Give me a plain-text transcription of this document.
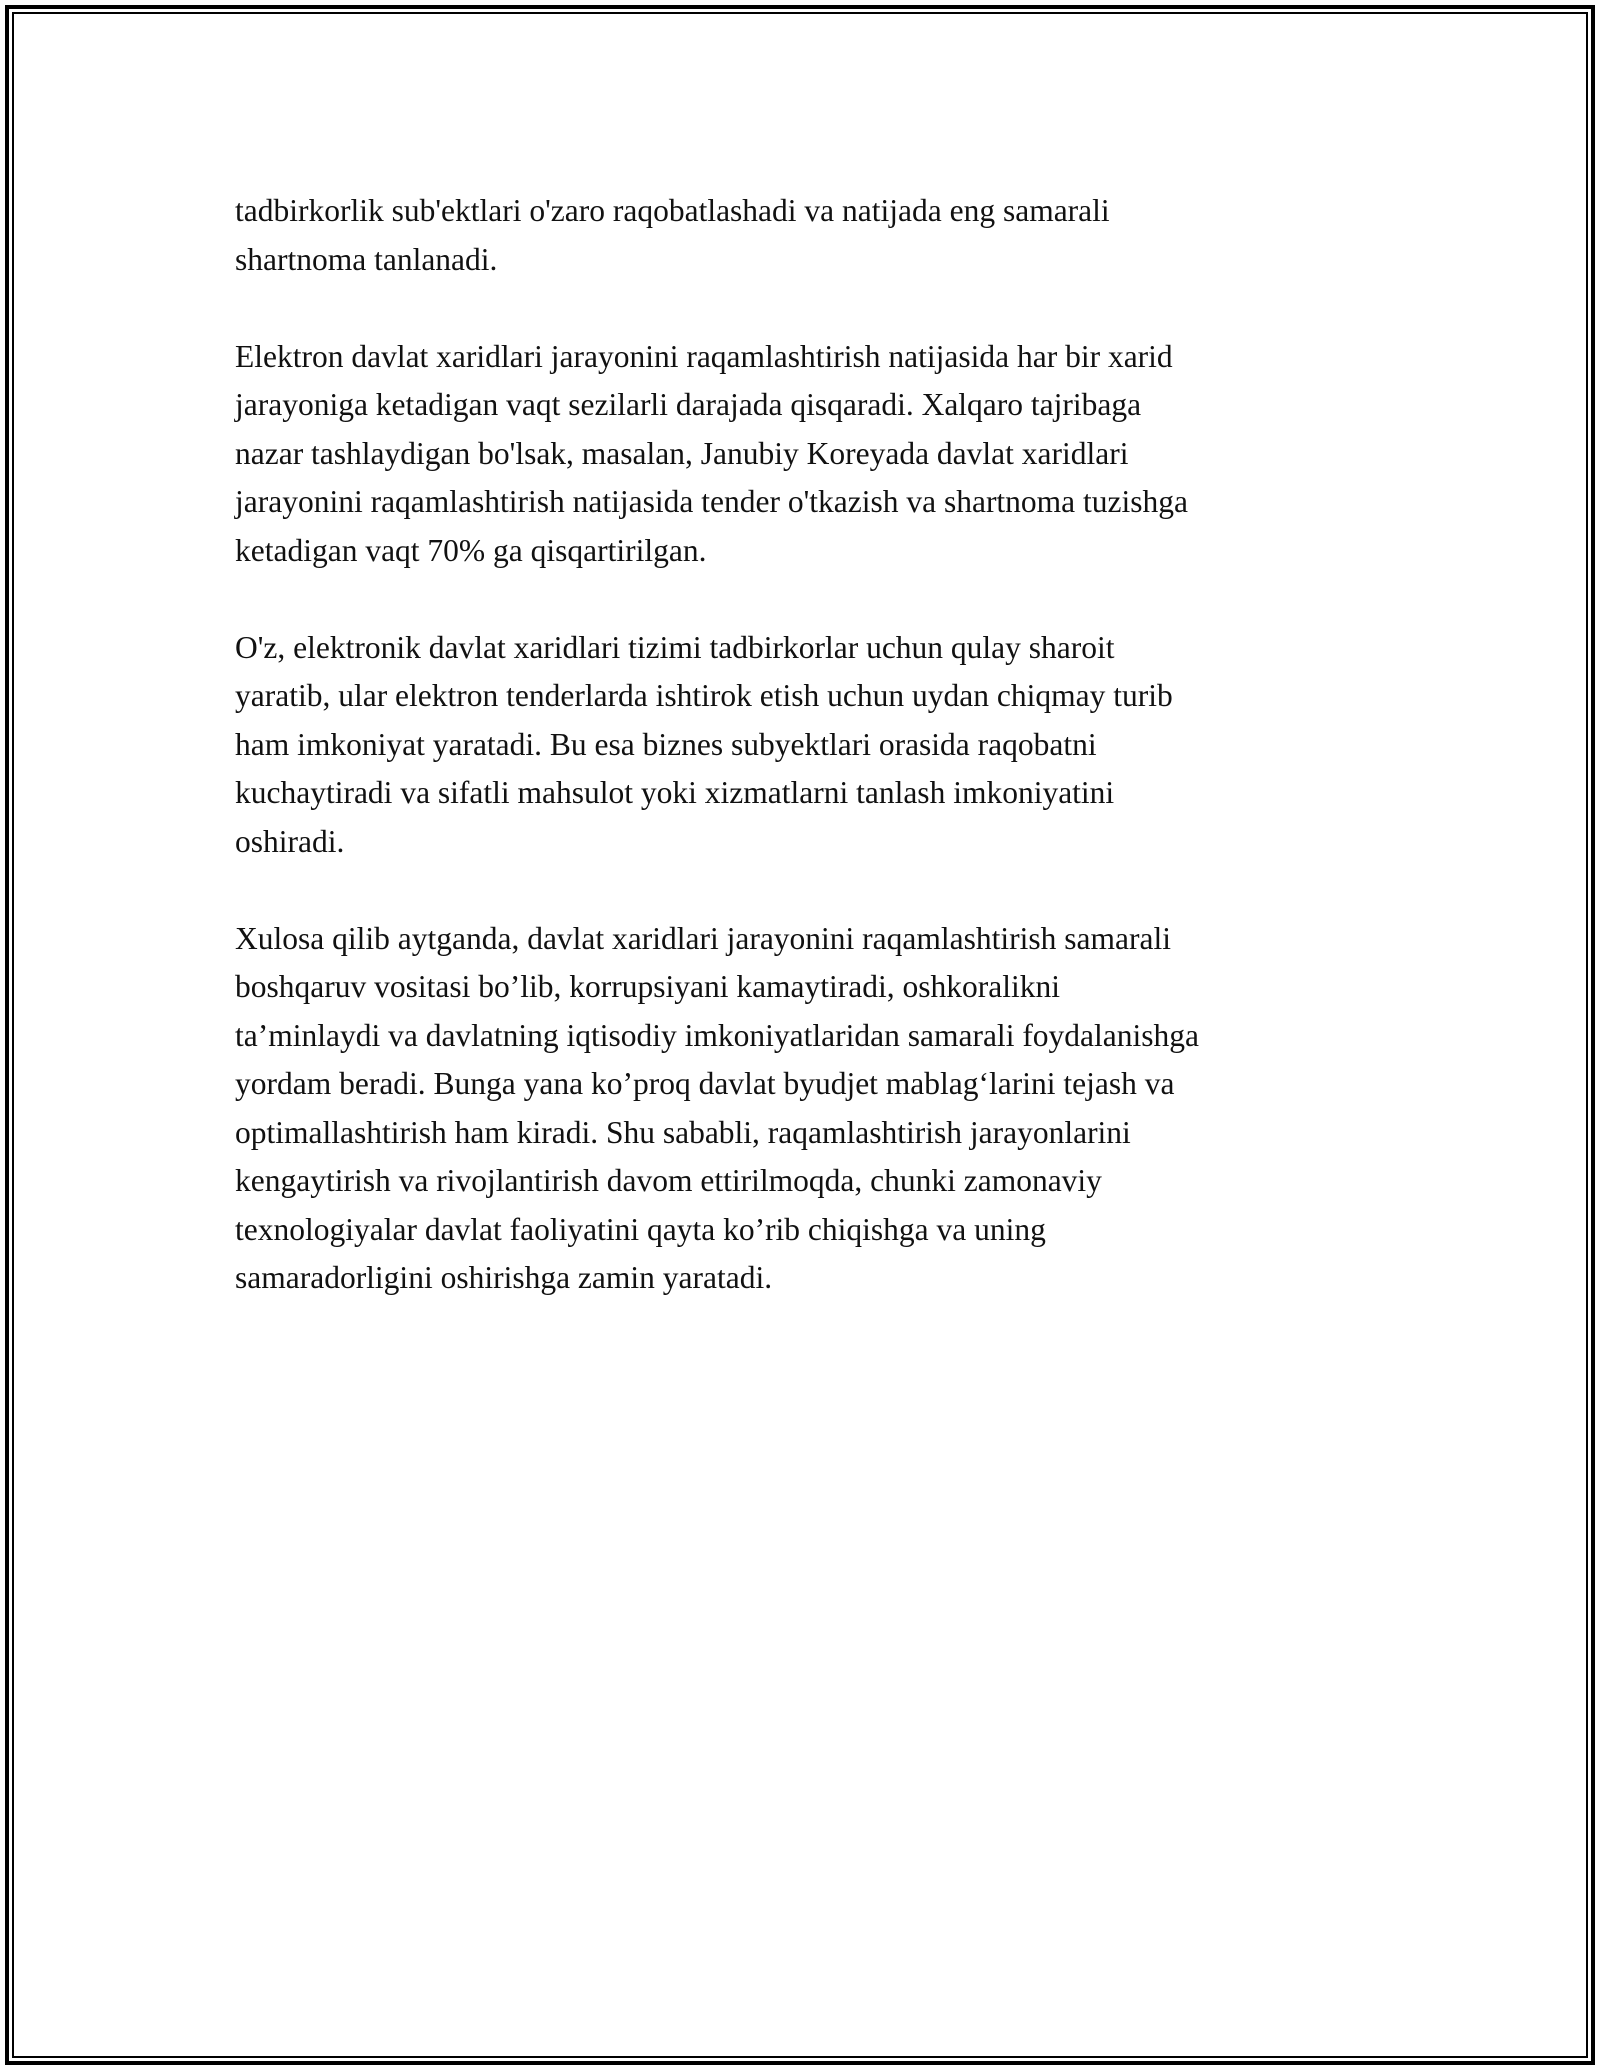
tadbirkorlik sub'ektlari o'zaro raqobatlashadi va natijada eng samarali
shartnoma tanlanadi.

Elektron davlat xaridlari jarayonini raqamlashtirish natijasida har bir xarid
jarayoniga ketadigan vaqt sezilarli darajada qisqaradi. Xalqaro tajribaga
nazar tashlaydigan bo'lsak, masalan, Janubiy Koreyada davlat xaridlari
jarayonini raqamlashtirish natijasida tender o'tkazish va shartnoma tuzishga
ketadigan vaqt 70% ga qisqartirilgan.

O'z, elektronik davlat xaridlari tizimi tadbirkorlar uchun qulay sharoit
yaratib, ular elektron tenderlarda ishtirok etish uchun uydan chiqmay turib
ham imkoniyat yaratadi. Bu esa biznes subyektlari orasida raqobatni
kuchaytiradi va sifatli mahsulot yoki xizmatlarni tanlash imkoniyatini
oshiradi.

Xulosa qilib aytganda, davlat xaridlari jarayonini raqamlashtirish samarali
boshqaruv vositasi bo’lib, korrupsiyani kamaytiradi, oshkoralikni
ta’minlaydi va davlatning iqtisodiy imkoniyatlaridan samarali foydalanishga
yordam beradi. Bunga yana ko’proq davlat byudjet mablag‘larini tejash va
optimallashtirish ham kiradi. Shu sababli, raqamlashtirish jarayonlarini
kengaytirish va rivojlantirish davom ettirilmoqda, chunki zamonaviy
texnologiyalar davlat faoliyatini qayta ko’rib chiqishga va uning
samaradorligini oshirishga zamin yaratadi.
